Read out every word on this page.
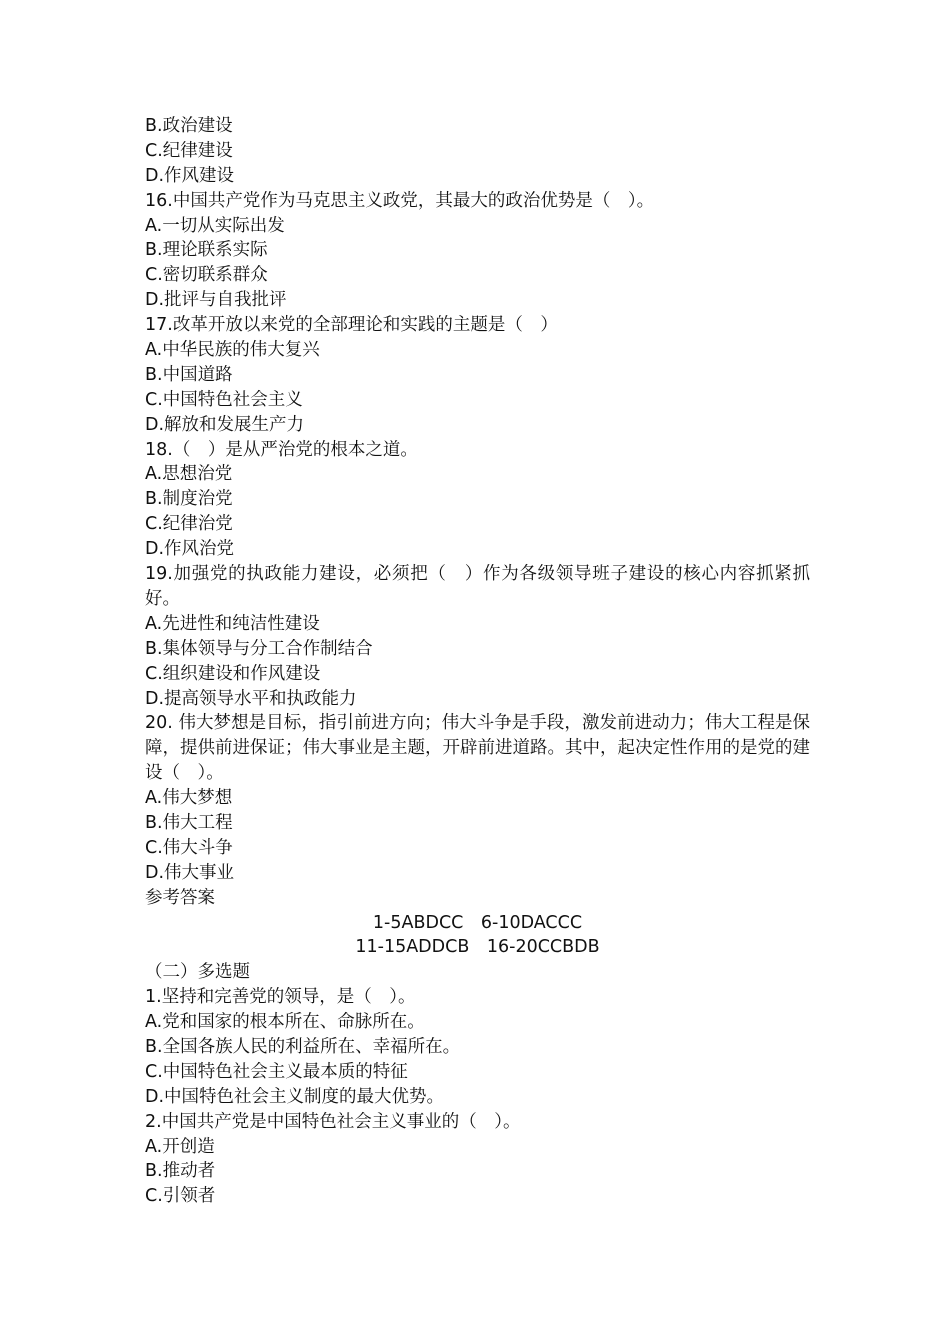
B.政治建设
C.纪律建设
D.作风建设
16.中国共产党作为马克思主义政党，其最大的政治优势是（　）。
A.一切从实际出发
B.理论联系实际
C.密切联系群众
D.批评与自我批评
17.改革开放以来党的全部理论和实践的主题是（　）
A.中华民族的伟大复兴
B.中国道路
C.中国特色社会主义
D.解放和发展生产力
18.（　）是从严治党的根本之道。
A.思想治党
B.制度治党
C.纪律治党
D.作风治党
19.加强党的执政能力建设，必须把（　）作为各级领导班子建设的核心内容抓紧抓好。
A.先进性和纯洁性建设
B.集体领导与分工合作制结合
C.组织建设和作风建设
D.提高领导水平和执政能力
20. 伟大梦想是目标，指引前进方向；伟大斗争是手段，激发前进动力；伟大工程是保障，提供前进保证；伟大事业是主题，开辟前进道路。其中，起决定性作用的是党的建设（　）。
A.伟大梦想
B.伟大工程
C.伟大斗争
D.伟大事业
参考答案
1-5ABDCC　6-10DACCC
11-15ADDCB　16-20CCBDB
（二）多选题
1.坚持和完善党的领导，是（　）。
A.党和国家的根本所在、命脉所在。
B.全国各族人民的利益所在、幸福所在。
C.中国特色社会主义最本质的特征
D.中国特色社会主义制度的最大优势。
2.中国共产党是中国特色社会主义事业的（　）。
A.开创造
B.推动者
C.引领者
